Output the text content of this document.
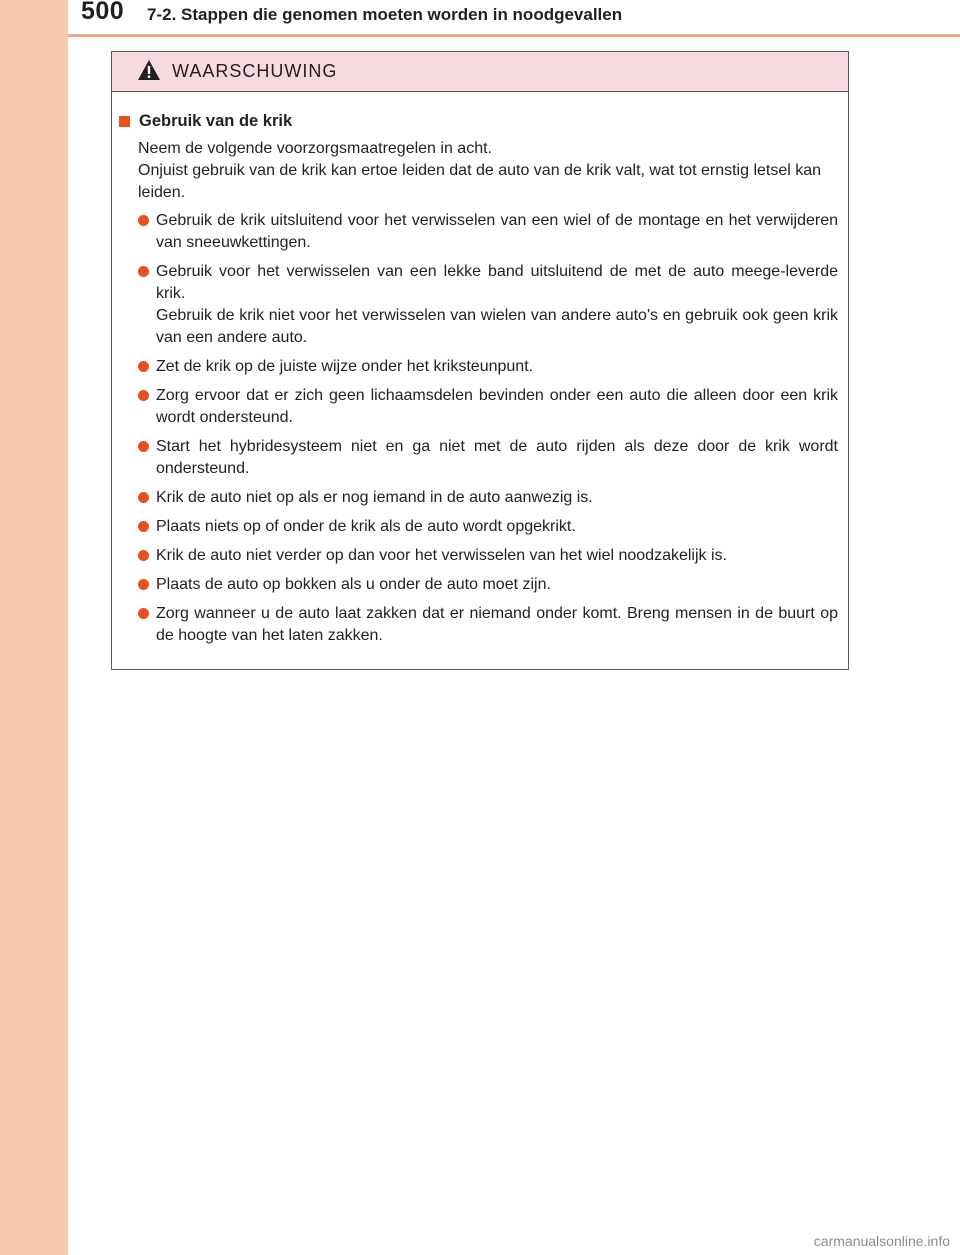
500 7-2. Stappen die genomen moeten worden in noodgevallen
WAARSCHUWING
Gebruik van de krik

Neem de volgende voorzorgsmaatregelen in acht.

Onjuist gebruik van de krik kan ertoe leiden dat de auto van de krik valt, wat tot ernstig letsel kan leiden.

Gebruik de krik uitsluitend voor het verwisselen van een wiel of de montage en het verwijderen van sneeuwkettingen.

Gebruik voor het verwisselen van een lekke band uitsluitend de met de auto meege-leverde krik.

Gebruik de krik niet voor het verwisselen van wielen van andere auto's en gebruik ook geen krik van een andere auto.

Zet de krik op de juiste wijze onder het kriksteunpunt.

Zorg ervoor dat er zich geen lichaamsdelen bevinden onder een auto die alleen door een krik wordt ondersteund.

Start het hybridesysteem niet en ga niet met de auto rijden als deze door de krik wordt ondersteund.

Krik de auto niet op als er nog iemand in de auto aanwezig is.

Plaats niets op of onder de krik als de auto wordt opgekrikt.

Krik de auto niet verder op dan voor het verwisselen van het wiel noodzakelijk is.

Plaats de auto op bokken als u onder de auto moet zijn.

Zorg wanneer u de auto laat zakken dat er niemand onder komt. Breng mensen in de buurt op de hoogte van het laten zakken.

carmanualsonline.info
